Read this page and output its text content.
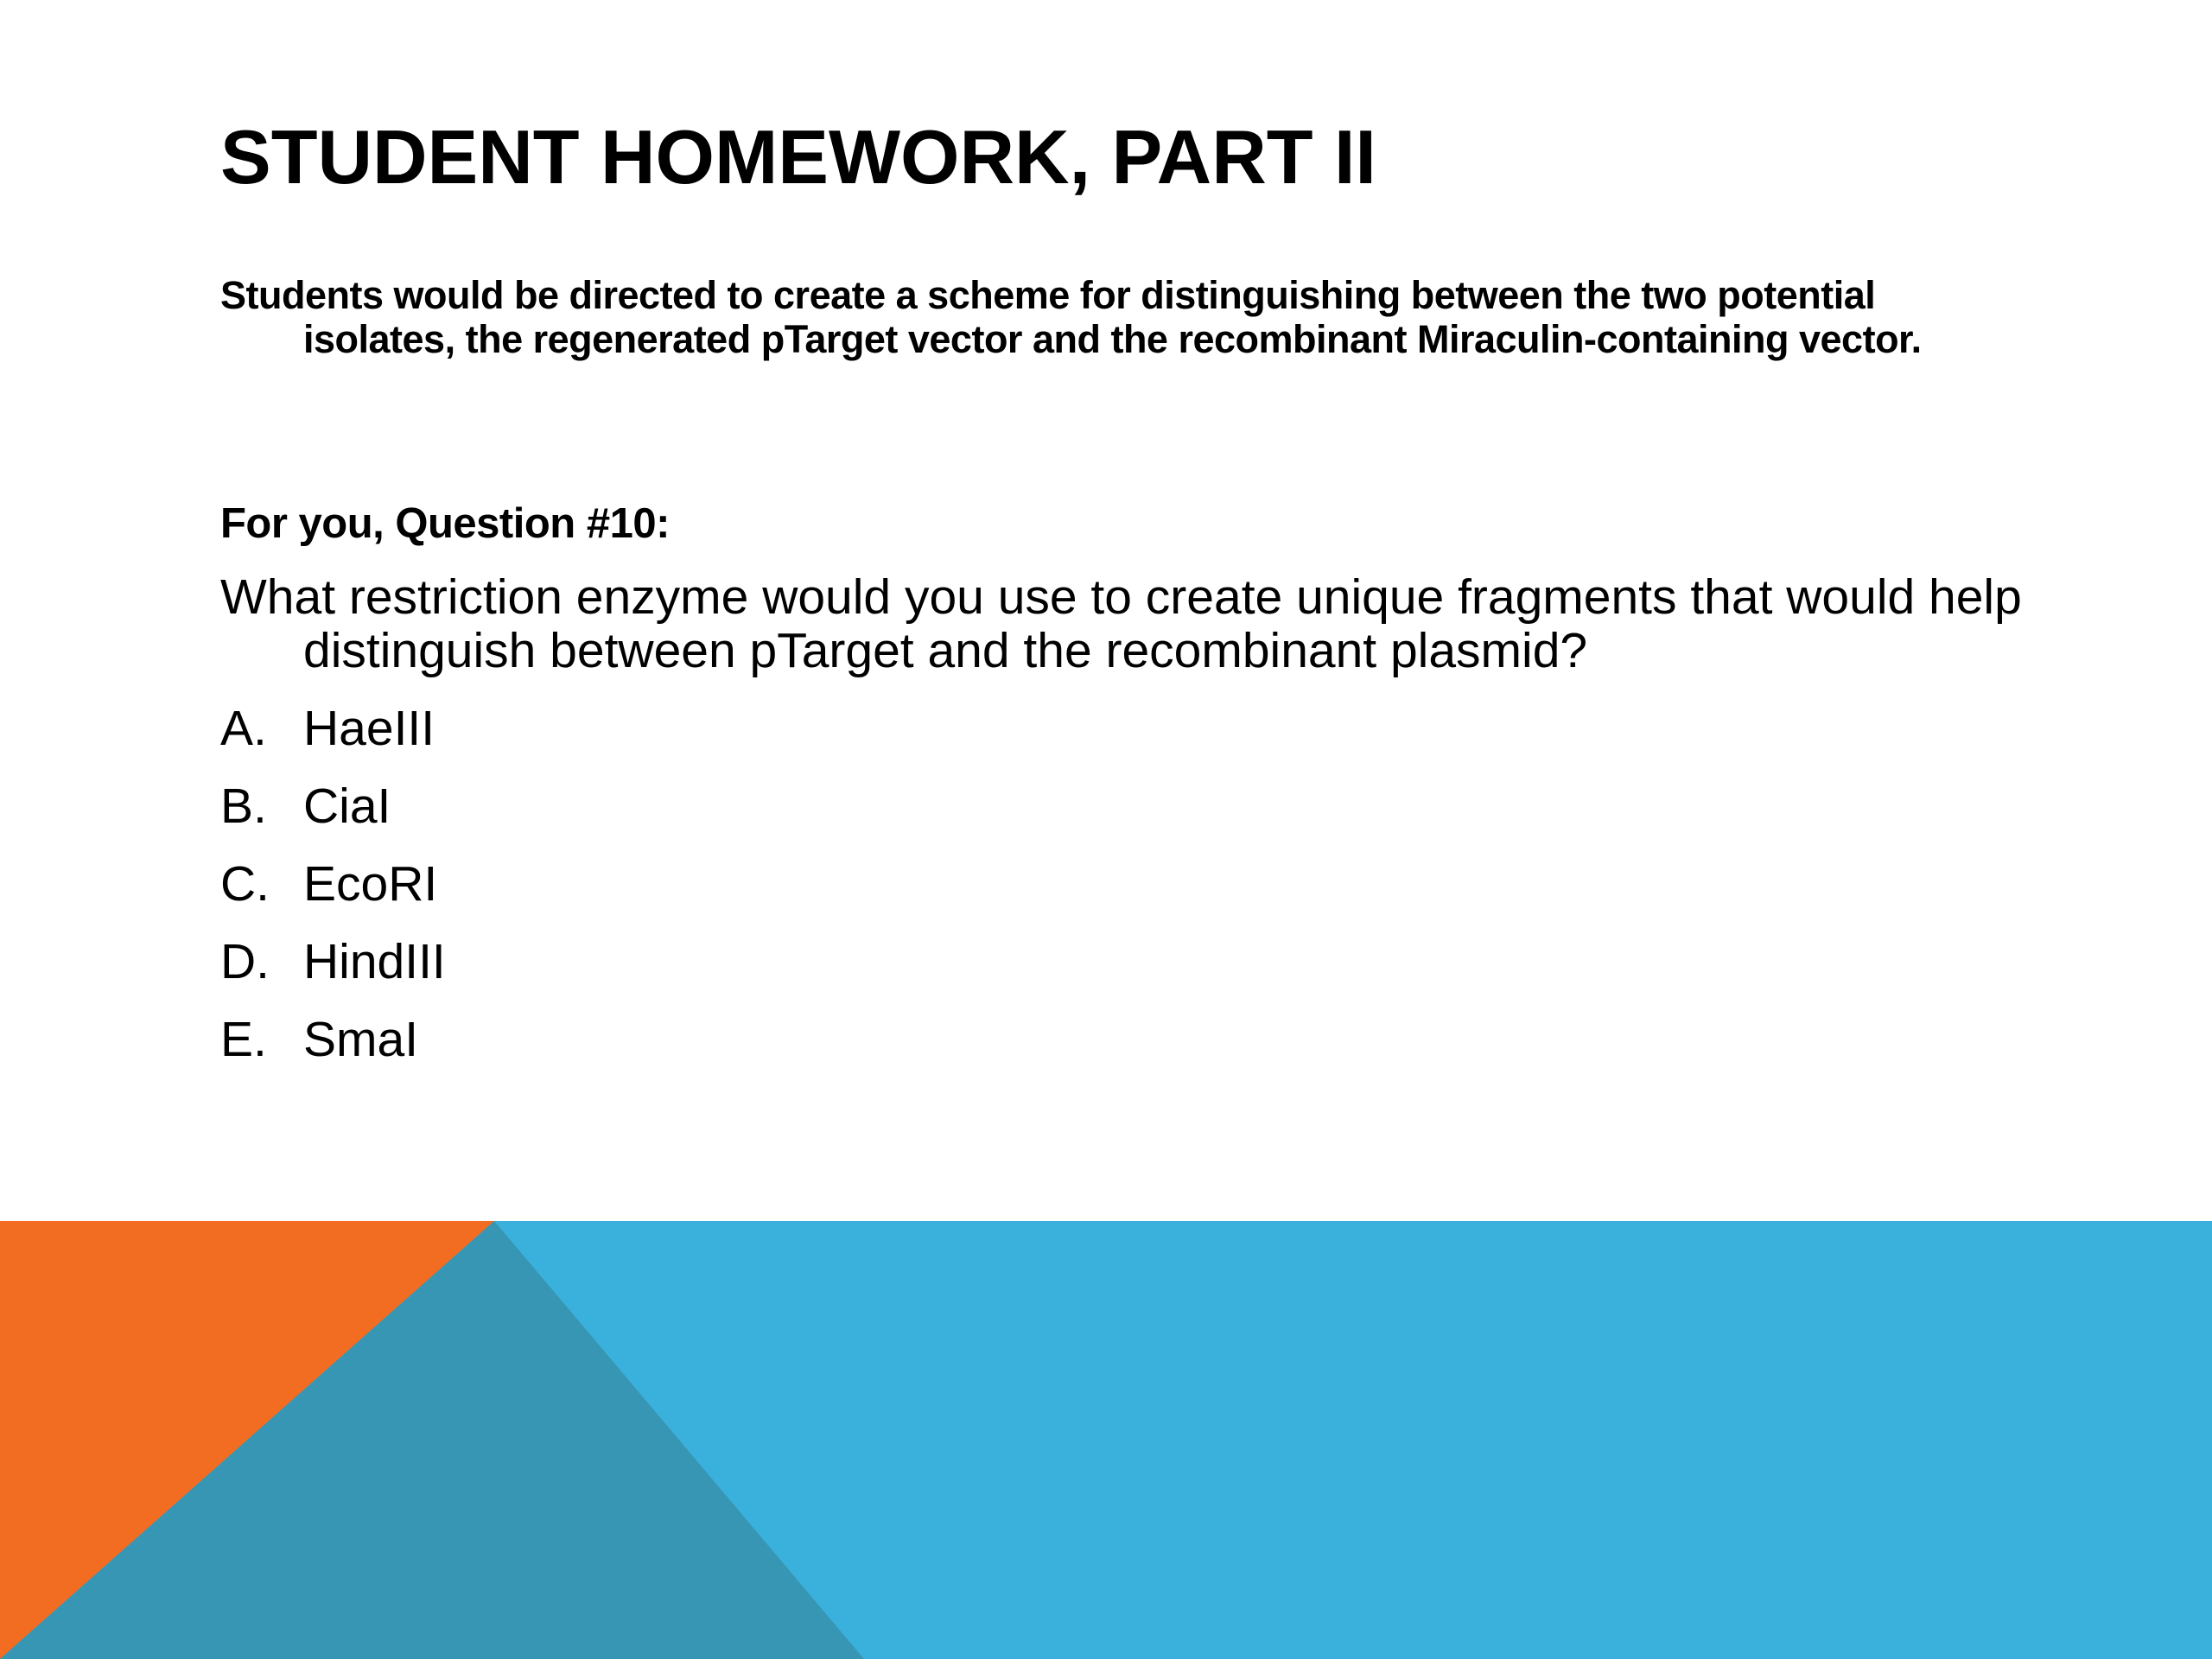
STUDENT HOMEWORK, PART II

Students would be directed to create a scheme for distinguishing between the two potential isolates, the regenerated pTarget vector and the recombinant Miraculin-containing vector.

For you, Question #10:

What restriction enzyme would you use to create unique fragments that would help distinguish between pTarget and the recombinant plasmid?

A. HaeIII
B. CiaI
C. EcoRI
D. HindIII
E. SmaI
